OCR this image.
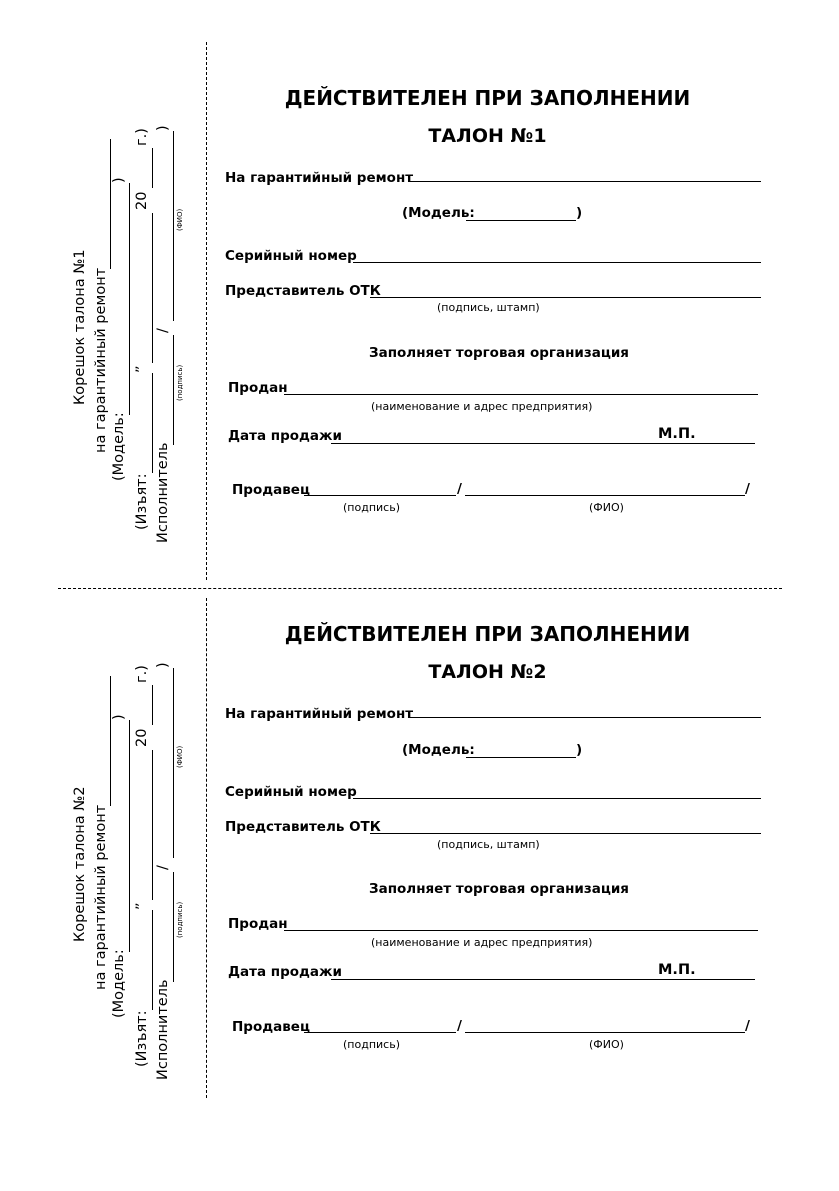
Корешок талона №1 на гарантийный ремонт (Модель:
)
(Изъят:
”
20
г.)
Исполнитель
/
)
(подпись)
(ФИО)
ДЕЙСТВИТЕЛЕН ПРИ ЗАПОЛНЕНИИ
ТАЛОН №1
На гарантийный ремонт
(Модель:	)
Серийный номер
Представитель ОТК
(подпись, штамп)
Заполняет торговая организация
Продан
(наименование и адрес предприятия)
Дата продажи	М.П.
Продавец	/	/
(подпись)	(ФИО)
Корешок талона №2 на гарантийный ремонт (Модель:
)
(Изъят:
”
20
г.)
Исполнитель
/
)
(подпись)
(ФИО)
ДЕЙСТВИТЕЛЕН ПРИ ЗАПОЛНЕНИИ
ТАЛОН №2
На гарантийный ремонт
(Модель:	)
Серийный номер
Представитель ОТК
(подпись, штамп)
Заполняет торговая организация
Продан
(наименование и адрес предприятия)
Дата продажи	М.П.
Продавец	/	/
(подпись)	(ФИО)
